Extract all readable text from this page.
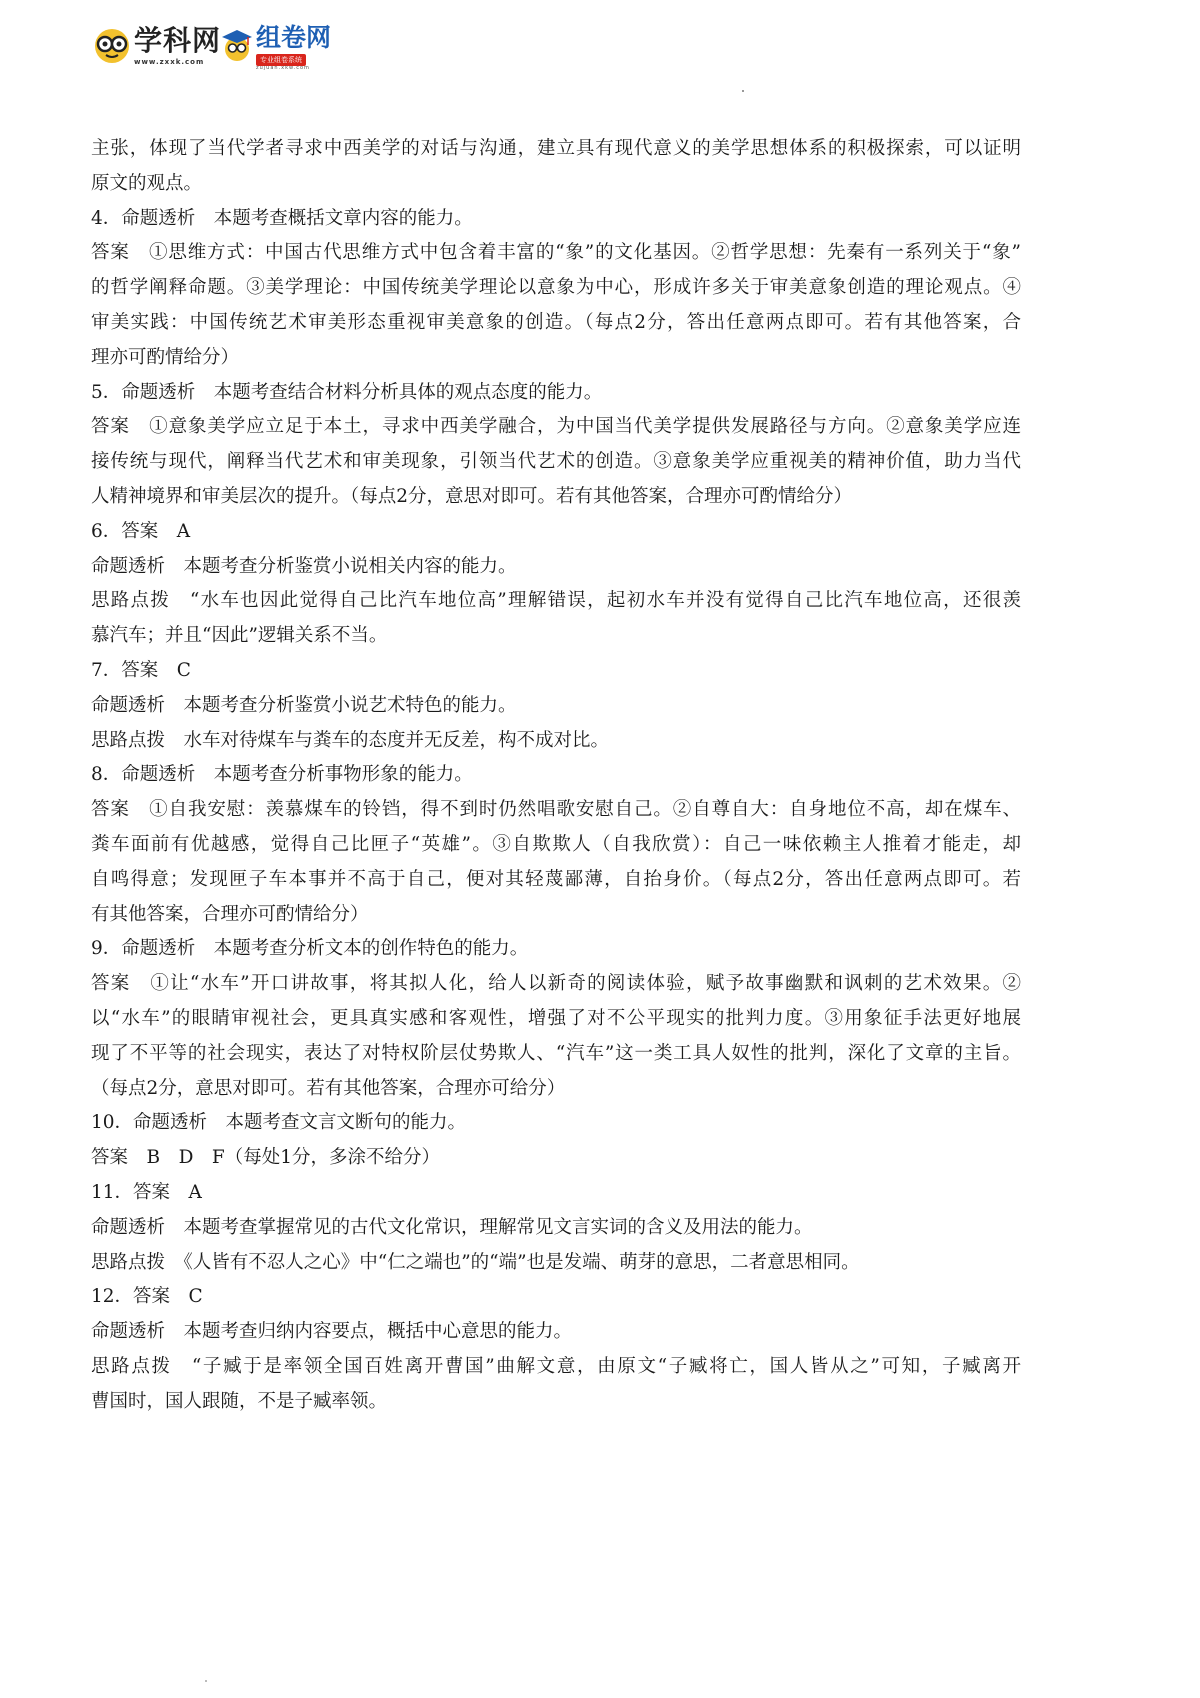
学科网
www.zxxk.com
组卷网
专业组卷系统
zujuan.xkw.com
主张，体现了当代学者寻求中西美学的对话与沟通，建立具有现代意义的美学思想体系的积极探索，可以证明
原文的观点。
4．命题透析　本题考查概括文章内容的能力。
答案　①思维方式：中国古代思维方式中包含着丰富的“象”的文化基因。②哲学思想：先秦有一系列关于“象”
的哲学阐释命题。③美学理论：中国传统美学理论以意象为中心，形成许多关于审美意象创造的理论观点。④
审美实践：中国传统艺术审美形态重视审美意象的创造。（每点2分，答出任意两点即可。若有其他答案，合
理亦可酌情给分）
5．命题透析　本题考查结合材料分析具体的观点态度的能力。
答案　①意象美学应立足于本土，寻求中西美学融合，为中国当代美学提供发展路径与方向。②意象美学应连
接传统与现代，阐释当代艺术和审美现象，引领当代艺术的创造。③意象美学应重视美的精神价值，助力当代
人精神境界和审美层次的提升。（每点2分，意思对即可。若有其他答案，合理亦可酌情给分）
6．答案　A
命题透析　本题考查分析鉴赏小说相关内容的能力。
思路点拨　“水车也因此觉得自己比汽车地位高”理解错误，起初水车并没有觉得自己比汽车地位高，还很羡
慕汽车；并且“因此”逻辑关系不当。
7．答案　C
命题透析　本题考查分析鉴赏小说艺术特色的能力。
思路点拨　水车对待煤车与粪车的态度并无反差，构不成对比。
8．命题透析　本题考查分析事物形象的能力。
答案　①自我安慰：羡慕煤车的铃铛，得不到时仍然唱歌安慰自己。②自尊自大：自身地位不高，却在煤车、
粪车面前有优越感，觉得自己比匣子“英雄”。③自欺欺人（自我欣赏）：自己一味依赖主人推着才能走，却
自鸣得意；发现匣子车本事并不高于自己，便对其轻蔑鄙薄，自抬身价。（每点2分，答出任意两点即可。若
有其他答案，合理亦可酌情给分）
9．命题透析　本题考查分析文本的创作特色的能力。
答案　①让“水车”开口讲故事，将其拟人化，给人以新奇的阅读体验，赋予故事幽默和讽刺的艺术效果。②
以“水车”的眼睛审视社会，更具真实感和客观性，增强了对不公平现实的批判力度。③用象征手法更好地展
现了不平等的社会现实，表达了对特权阶层仗势欺人、“汽车”这一类工具人奴性的批判，深化了文章的主旨。
（每点2分，意思对即可。若有其他答案，合理亦可给分）
10．命题透析　本题考查文言文断句的能力。
答案　B　D　F（每处1分，多涂不给分）
11．答案　A
命题透析　本题考查掌握常见的古代文化常识，理解常见文言实词的含义及用法的能力。
思路点拨　《人皆有不忍人之心》中“仁之端也”的“端”也是发端、萌芽的意思，二者意思相同。
12．答案　C
命题透析　本题考查归纳内容要点，概括中心意思的能力。
思路点拨　“子臧于是率领全国百姓离开曹国”曲解文意，由原文“子臧将亡，国人皆从之”可知，子臧离开
曹国时，国人跟随，不是子臧率领。
